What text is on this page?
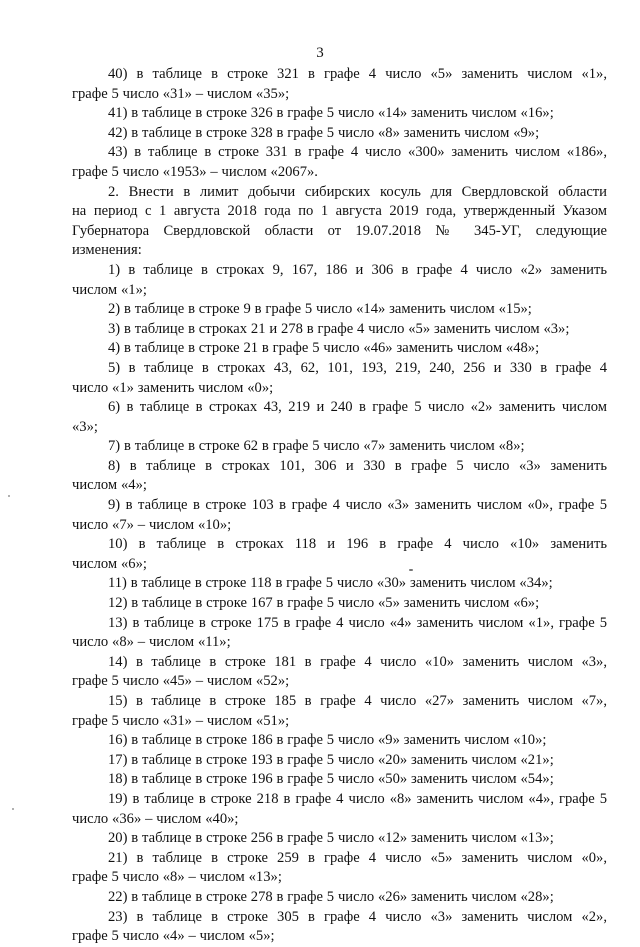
3

40) в таблице в строке 321 в графе 4 число «5» заменить числом «1»,
графе 5 число «31» – числом «35»;

41) в таблице в строке 326 в графе 5 число «14» заменить числом «16»;

42) в таблице в строке 328 в графе 5 число «8» заменить числом «9»;

43) в таблице в строке 331 в графе 4 число «300» заменить числом «186»,
графе 5 число «1953» – числом «2067».

2. Внести в лимит добычи сибирских косуль для Свердловской области

на период с 1 августа 2018 года по 1 августа 2019 года, утвержденный Указом

Губернатора Свердловской области от 19.07.2018 № 345-УГ, следующие
изменения:

1) в таблице в строках 9, 167, 186 и 306 в графе 4 число «2» заменить
числом «1»;

2) в таблице в строке 9 в графе 5 число «14» заменить числом «15»;

3) в таблице в строках 21 и 278 в графе 4 число «5» заменить числом «3»;

4) в таблице в строке 21 в графе 5 число «46» заменить числом «48»;

5) в таблице в строках 43, 62, 101, 193, 219, 240, 256 и 330 в графе 4
число «1» заменить числом «0»;

6) в таблице в строках 43, 219 и 240 в графе 5 число «2» заменить числом
«3»;

7) в таблице в строке 62 в графе 5 число «7» заменить числом «8»;

8) в таблице в строках 101, 306 и 330 в графе 5 число «3» заменить
числом «4»;

9) в таблице в строке 103 в графе 4 число «3» заменить числом «0», графе 5
число «7» – числом «10»;

10) в таблице в строках 118 и 196 в графе 4 число «10» заменить
числом «6»;

11) в таблице в строке 118 в графе 5 число «30» заменить числом «34»;

12) в таблице в строке 167 в графе 5 число «5» заменить числом «6»;

13) в таблице в строке 175 в графе 4 число «4» заменить числом «1», графе 5
число «8» – числом «11»;

14) в таблице в строке 181 в графе 4 число «10» заменить числом «3»,
графе 5 число «45» – числом «52»;

15) в таблице в строке 185 в графе 4 число «27» заменить числом «7»,
графе 5 число «31» – числом «51»;

16) в таблице в строке 186 в графе 5 число «9» заменить числом «10»;

17) в таблице в строке 193 в графе 5 число «20» заменить числом «21»;

18) в таблице в строке 196 в графе 5 число «50» заменить числом «54»;

19) в таблице в строке 218 в графе 4 число «8» заменить числом «4», графе 5
число «36» – числом «40»;

20) в таблице в строке 256 в графе 5 число «12» заменить числом «13»;

21) в таблице в строке 259 в графе 4 число «5» заменить числом «0»,
графе 5 число «8» – числом «13»;

22) в таблице в строке 278 в графе 5 число «26» заменить числом «28»;

23) в таблице в строке 305 в графе 4 число «3» заменить числом «2»,
графе 5 число «4» – числом «5»;
